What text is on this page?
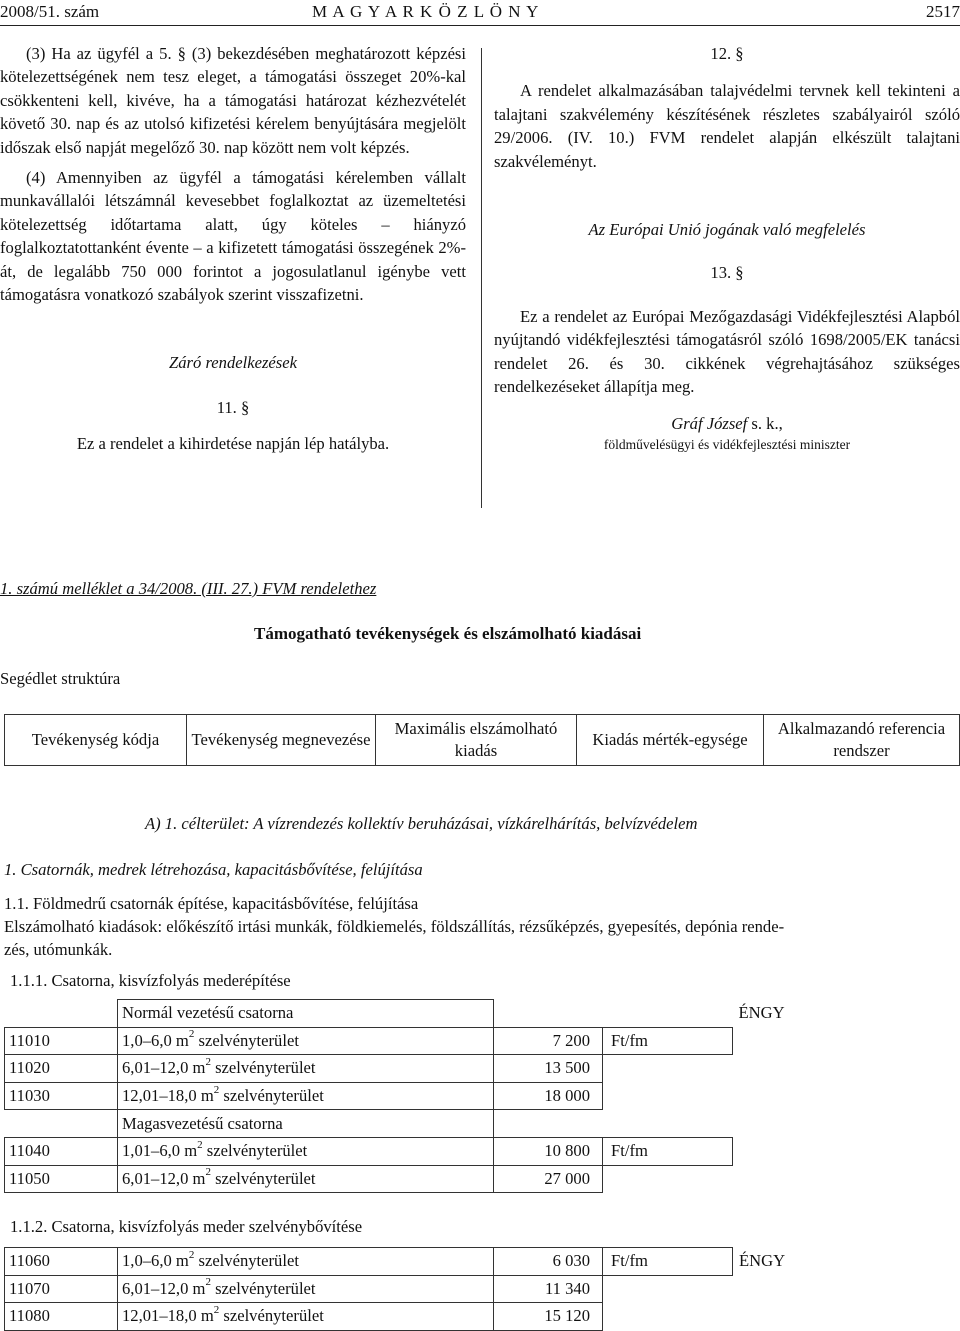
2008/51. szám	M A G Y A R K Ö Z L Ö N Y	2517

(3) Ha az ügyfél a 5. § (3) bekezdésében meghatározott képzési kötelezettségének nem tesz eleget, a támogatási összeget 20%-kal csökkenteni kell, kivéve, ha a támogatási határozat kézhezvételét követő 30. nap és az utolsó kifizetési kérelem benyújtására megjelölt időszak első napját megelőző 30. nap között nem volt képzés.

(4) Amennyiben az ügyfél a támogatási kérelemben vállalt munkavállalói létszámnál kevesebbet foglalkoztat az üzemeltetési kötelezettség időtartama alatt, úgy köteles – hiányzó foglalkoztatottanként évente – a kifizetett támogatási összegének 2%-át, de legalább 750 000 forintot a jogosulatlanul igénybe vett támogatásra vonatkozó szabályok szerint visszafizetni.

Záró rendelkezések

11. §

Ez a rendelet a kihirdetése napján lép hatályba.

12. §

A rendelet alkalmazásában talajvédelmi tervnek kell tekinteni a talajtani szakvélemény készítésének részletes szabályairól szóló 29/2006. (IV. 10.) FVM rendelet alapján elkészült talajtani szakvéleményt.

Az Európai Unió jogának való megfelelés

13. §

Ez a rendelet az Európai Mezőgazdasági Vidékfejlesztési Alapból nyújtandó vidékfejlesztési támogatásról szóló 1698/2005/EK tanácsi rendelet 26. és 30. cikkének végrehajtásához szükséges rendelkezéseket állapítja meg.

Gráf József s. k.,

földművelésügyi és vidékfejlesztési miniszter

1. számú melléklet a 34/2008. (III. 27.) FVM rendelethez
Támogatható tevékenységek és elszámolható kiadásai
Segédlet struktúra
Tevékenység kódja	Tevékenység megnevezése	Maximális elszámolható kiadás	Kiadás mérték-egysége	Alkalmazandó referencia rendszer
A) 1. célterület: A vízrendezés kollektív beruházásai, vízkárelhárítás, belvízvédelem
1. Csatornák, medrek létrehozása, kapacitásbővítése, felújítása
1.1. Földmedrű csatornák építése, kapacitásbővítése, felújítása
Elszámolható kiadások: előkészítő irtási munkák, földkiemelés, földszállítás, rézsűképzés, gyepesítés, depónia rende-
zés, utómunkák.
1.1.1. Csatorna, kisvízfolyás mederépítése
	Normál vezetésű csatorna			ÉNGY
11010	1,0–6,0 $m^2$ szelvényterület	7 200	Ft/fm	
11020	6,01–12,0 $m^2$ szelvényterület	13 500		
11030	12,01–18,0 $m^2$ szelvényterület	18 000		
	Magasvezetésű csatorna			
11040	1,01–6,0 $m^2$ szelvényterület	10 800	Ft/fm	
11050	6,01–12,0 $m^2$ szelvényterület	27 000		
1.1.2. Csatorna, kisvízfolyás meder szelvénybővítése
11060	1,0–6,0 $m^2$ szelvényterület	6 030	Ft/fm	ÉNGY
11070	6,01–12,0 $m^2$ szelvényterület	11 340		
11080	12,01–18,0 $m^2$ szelvényterület	15 120		
